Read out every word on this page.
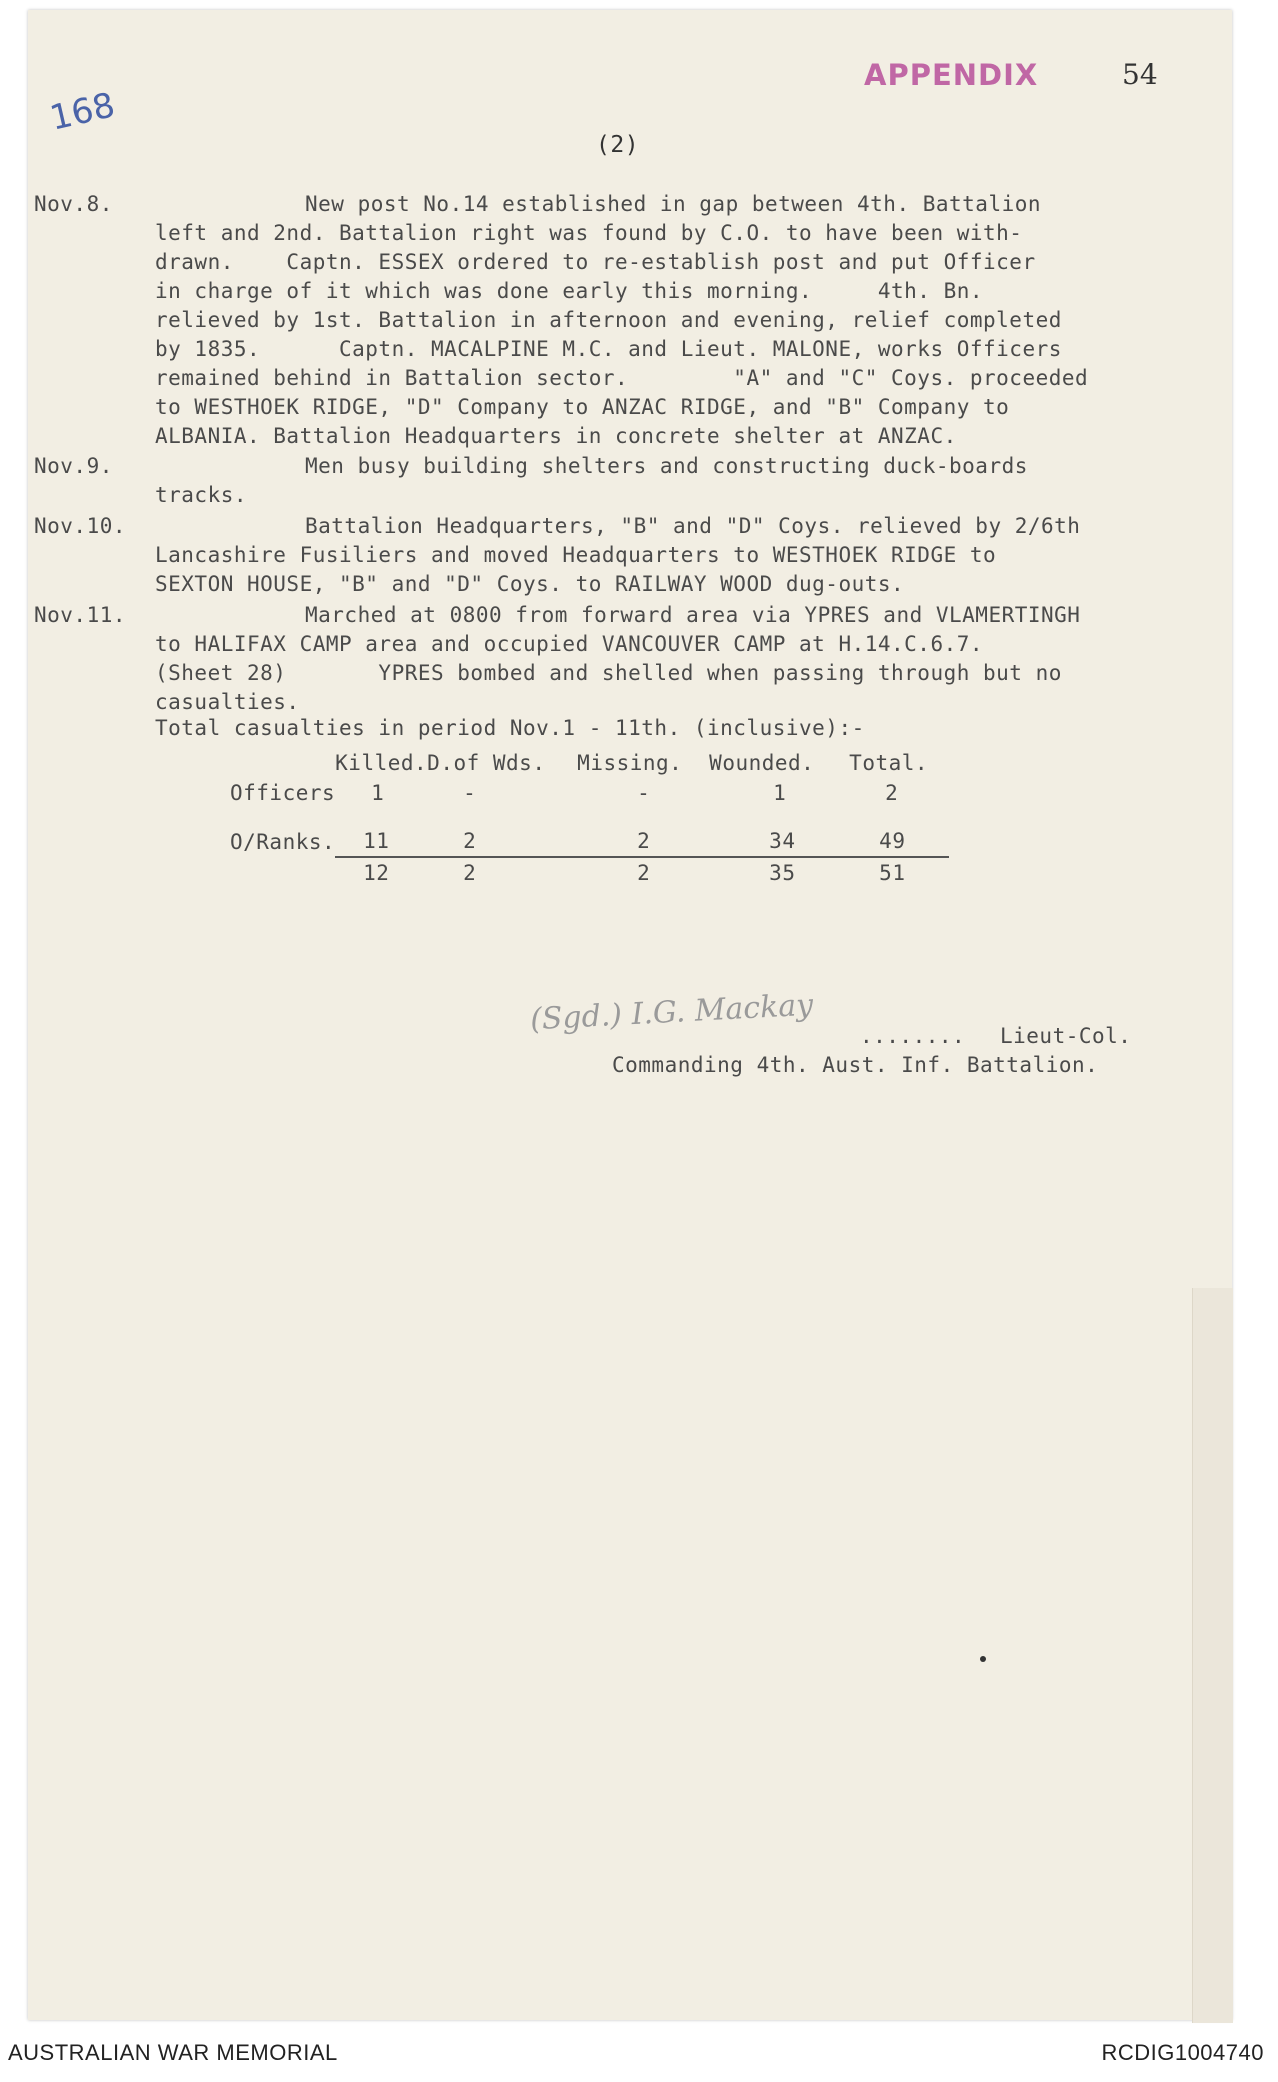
168
APPENDIX	54
(2)
Nov.8.	New post No.14 established in gap between 4th. Battalion
left and 2nd. Battalion right was found by C.O. to have been with-
drawn.    Captn. ESSEX ordered to re-establish post and put Officer
in charge of it which was done early this morning.     4th. Bn.
relieved by 1st. Battalion in afternoon and evening, relief completed
by 1835.      Captn. MACALPINE M.C. and Lieut. MALONE, works Officers
remained behind in Battalion sector.        "A" and "C" Coys. proceeded
to WESTHOEK RIDGE, "D" Company to ANZAC RIDGE, and "B" Company to
ALBANIA. Battalion Headquarters in concrete shelter at ANZAC.
Nov.9.	Men busy building shelters and constructing duck-boards
tracks.
Nov.10.	Battalion Headquarters, "B" and "D" Coys. relieved by 2/6th
Lancashire Fusiliers and moved Headquarters to WESTHOEK RIDGE to
SEXTON HOUSE, "B" and "D" Coys. to RAILWAY WOOD dug-outs.
Nov.11.	Marched at 0800 from forward area via YPRES and VLAMERTINGH
to HALIFAX CAMP area and occupied VANCOUVER CAMP at H.14.C.6.7.
(Sheet 28)       YPRES bombed and shelled when passing through but no
casualties.
Total casualties in period Nov.1 - 11th. (inclusive):-
	Killed.	D.of Wds.	Missing.	Wounded.	Total.
Officers	1	-	-	1	2

O/Ranks.	11	2	2	34	49
	12	2	2	35	51
(Sgd.) I.G. Mackay ........ Lieut-Col.
Commanding 4th. Aust. Inf. Battalion.
AUSTRALIAN WAR MEMORIAL	RCDIG1004740
